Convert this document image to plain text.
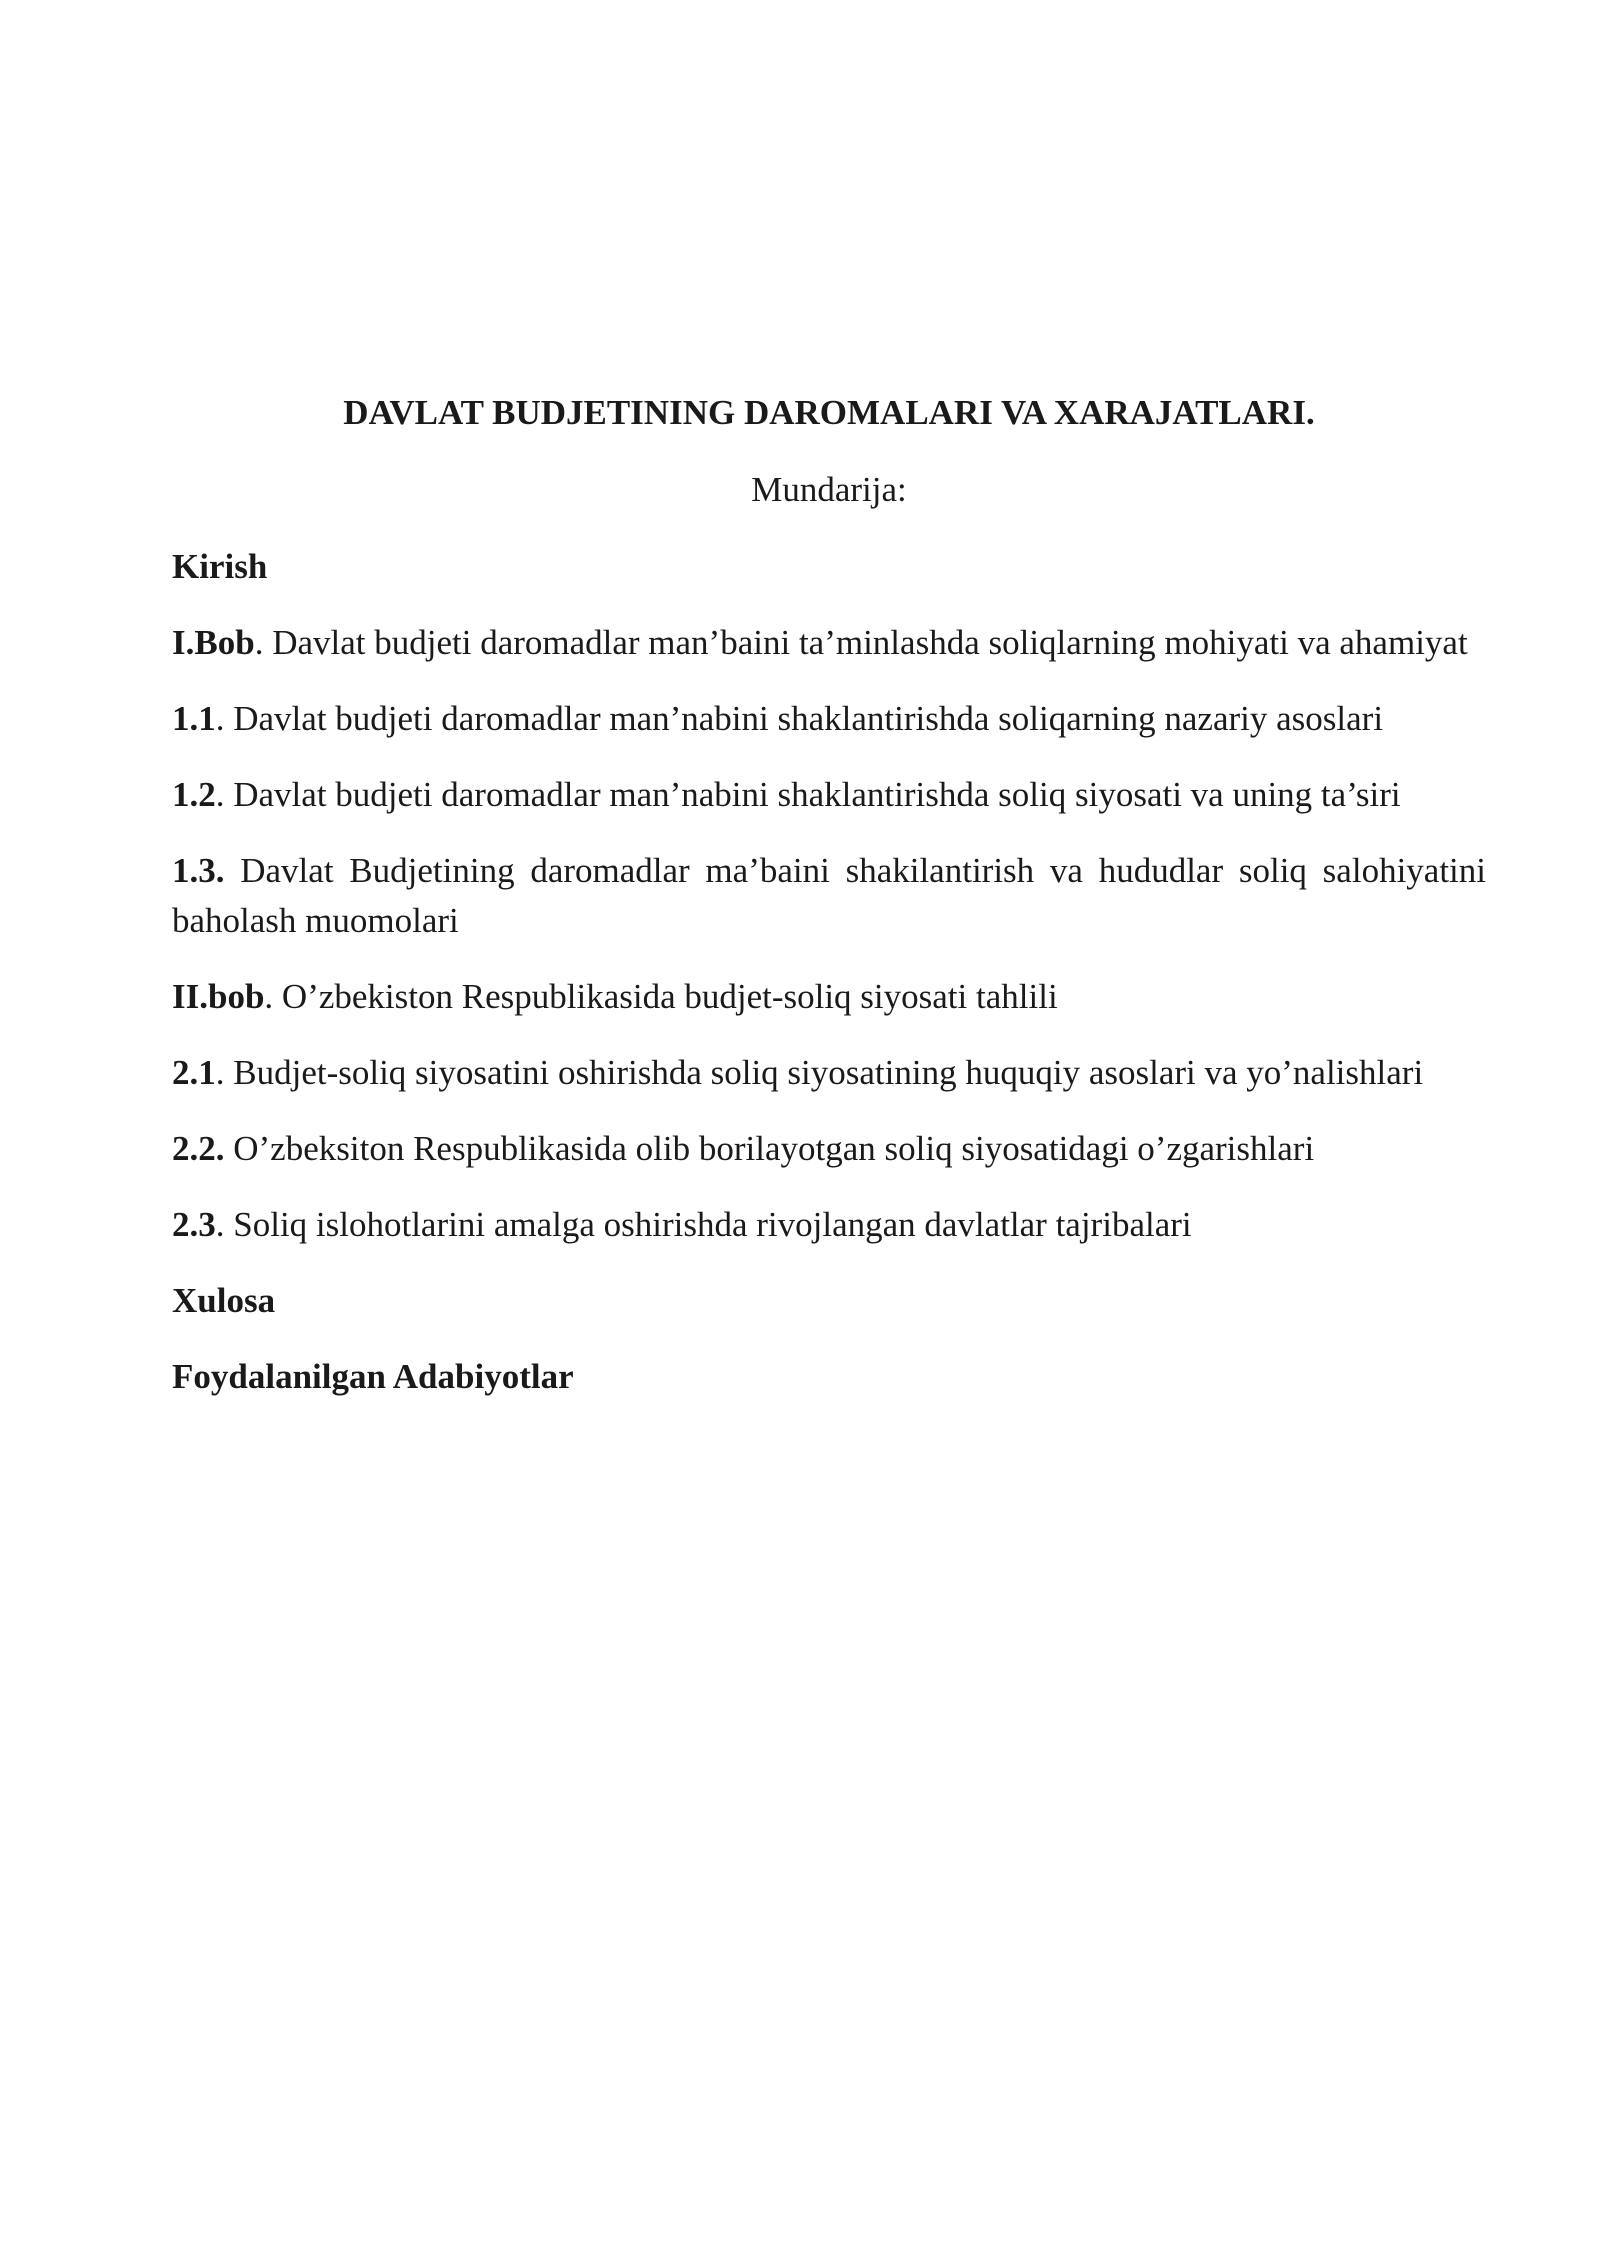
DAVLAT BUDJETINING DAROMALARI VA XARAJATLARI.

Mundarija:

Kirish

I.Bob. Davlat budjeti daromadlar man’baini ta’minlashda soliqlarning mohiyati va ahamiyat

1.1. Davlat budjeti daromadlar man’nabini shaklantirishda soliqarning nazariy asoslari

1.2. Davlat budjeti daromadlar man’nabini shaklantirishda soliq siyosati va uning ta’siri

1.3. Davlat Budjetining daromadlar ma’baini shakilantirish va hududlar soliq salohiyatini baholash muomolari

II.bob. O’zbekiston Respublikasida budjet-soliq siyosati tahlili

2.1. Budjet-soliq siyosatini oshirishda soliq siyosatining huquqiy asoslari va yo’nalishlari

2.2. O’zbeksiton Respublikasida olib borilayotgan soliq siyosatidagi o’zgarishlari

2.3. Soliq islohotlarini amalga oshirishda rivojlangan davlatlar tajribalari

Xulosa

Foydalanilgan Adabiyotlar
